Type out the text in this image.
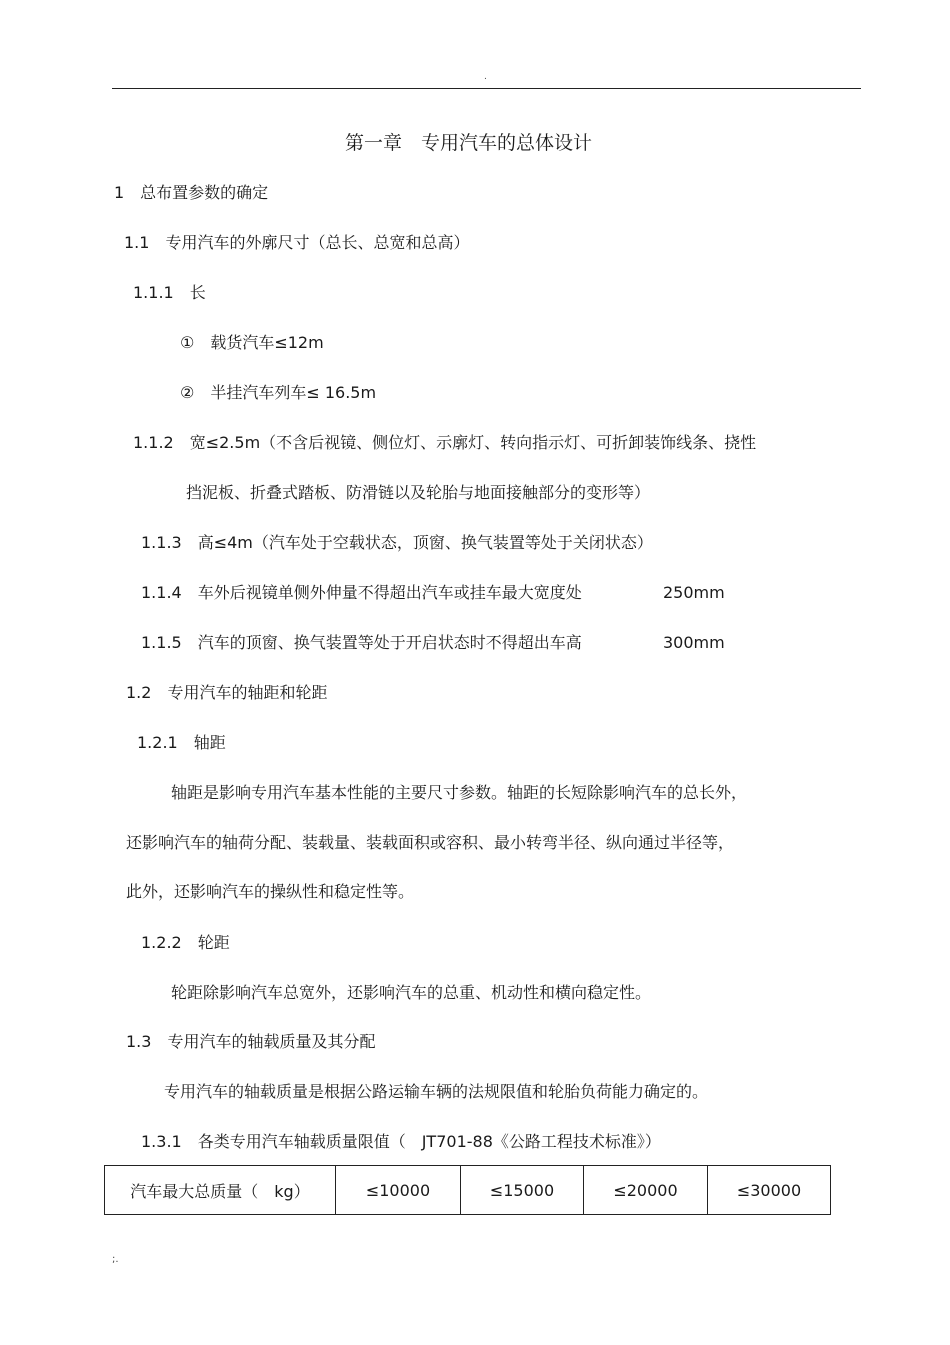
.
第一章　专用汽车的总体设计
1　总布置参数的确定
1.1　专用汽车的外廓尺寸（总长、总宽和总高）
1.1.1　长
①　载货汽车≤12m
②　半挂汽车列车≤ 16.5m
1.1.2　宽≤2.5m（不含后视镜、侧位灯、示廓灯、转向指示灯、可折卸装饰线条、挠性
挡泥板、折叠式踏板、防滑链以及轮胎与地面接触部分的变形等）
1.1.3　高≤4m（汽车处于空载状态，顶窗、换气装置等处于关闭状态）
1.1.4　车外后视镜单侧外伸量不得超出汽车或挂车最大宽度处	250mm
1.1.5　汽车的顶窗、换气装置等处于开启状态时不得超出车高	300mm
1.2　专用汽车的轴距和轮距
1.2.1　轴距
轴距是影响专用汽车基本性能的主要尺寸参数。轴距的长短除影响汽车的总长外，
还影响汽车的轴荷分配、装载量、装载面积或容积、最小转弯半径、纵向通过半径等，
此外，还影响汽车的操纵性和稳定性等。
1.2.2　轮距
轮距除影响汽车总宽外，还影响汽车的总重、机动性和横向稳定性。
1.3　专用汽车的轴载质量及其分配
专用汽车的轴载质量是根据公路运输车辆的法规限值和轮胎负荷能力确定的。
1.3.1　各类专用汽车轴载质量限值（　JT701-88《公路工程技术标准》）
汽车最大总质量（　kg）	≤10000	≤15000	≤20000	≤30000
;.
